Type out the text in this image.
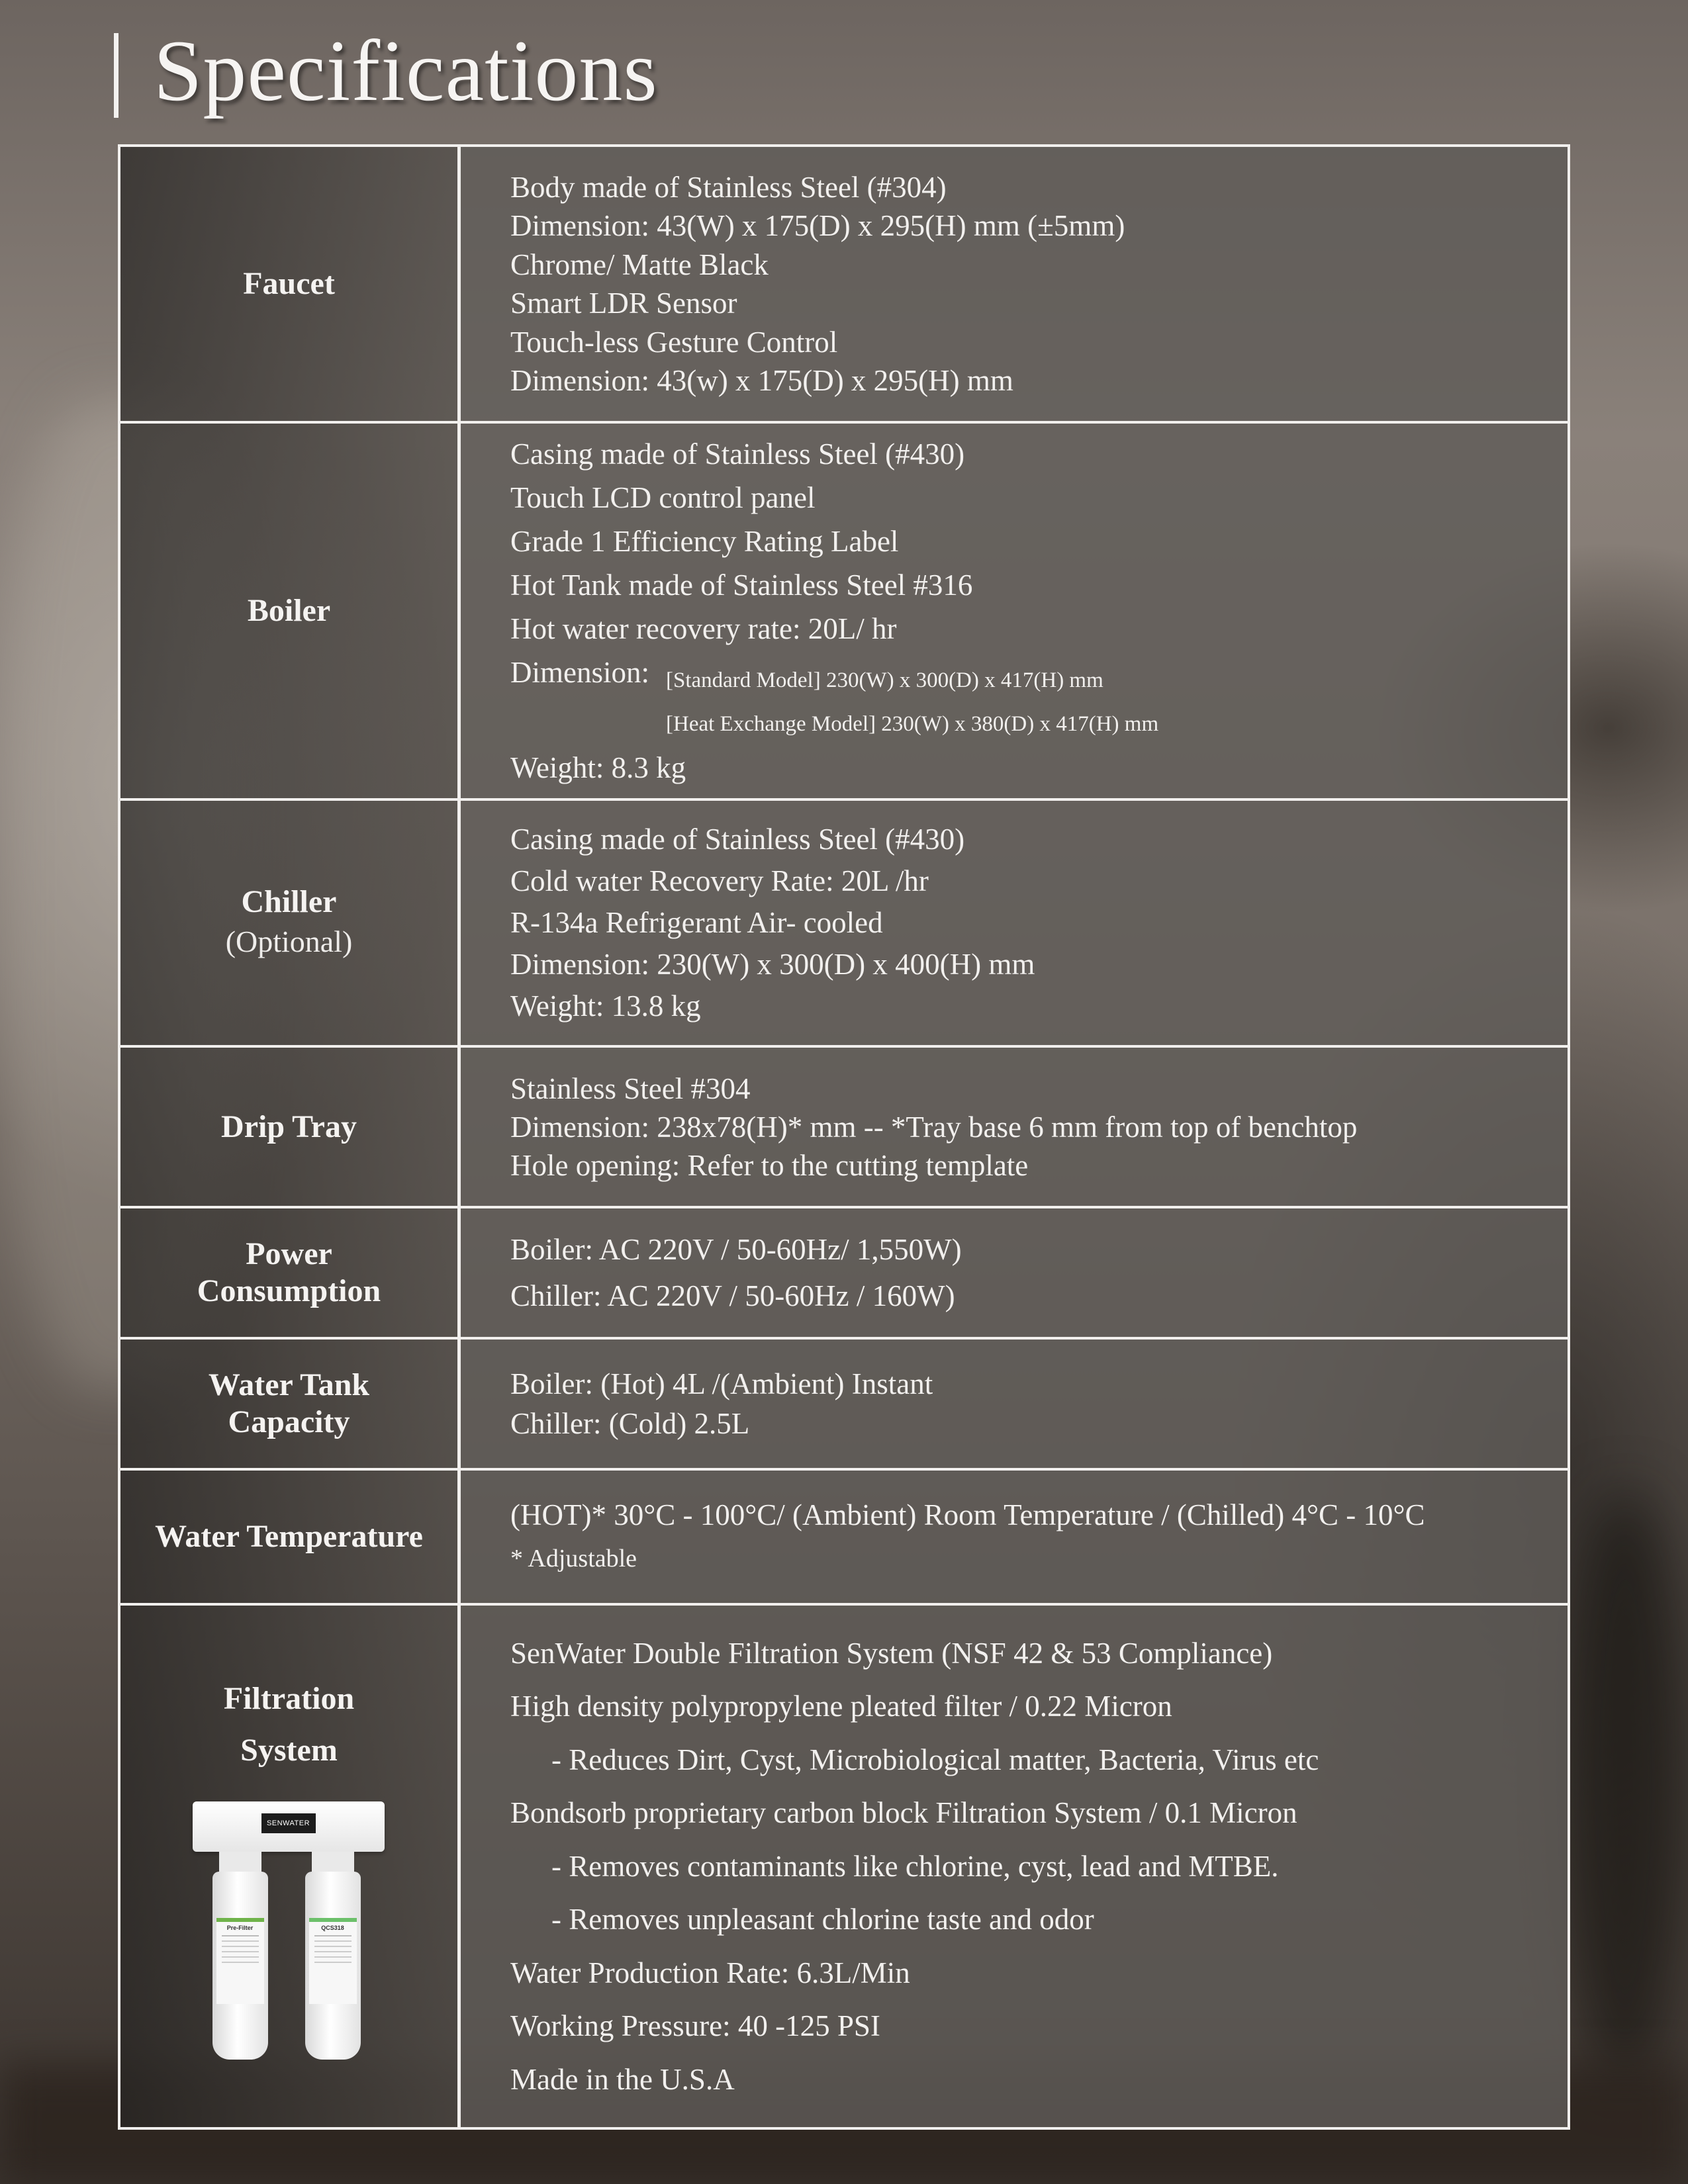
Specifications
Faucet
Body made of Stainless Steel (#304)
Dimension: 43(W) x 175(D) x 295(H) mm (±5mm)
Chrome/ Matte Black
Smart LDR Sensor
Touch-less Gesture Control
Dimension: 43(w) x 175(D) x 295(H) mm
Boiler
Casing made of Stainless Steel (#430)
Touch LCD control panel
Grade 1 Efficiency Rating Label
Hot Tank made of Stainless Steel #316
Hot water recovery rate: 20L/ hr
Dimension: [Standard Model] 230(W) x 300(D) x 417(H) mm
[Heat Exchange Model] 230(W) x 380(D) x 417(H) mm
Weight: 8.3 kg
Chiller
(Optional)
Casing made of Stainless Steel (#430)
Cold water Recovery Rate: 20L /hr
R-134a Refrigerant Air- cooled
Dimension: 230(W) x 300(D) x 400(H) mm
Weight: 13.8 kg
Drip Tray
Stainless Steel #304
Dimension: 238x78(H)* mm -- *Tray base 6 mm from top of benchtop
Hole opening: Refer to the cutting template
Power
Consumption
Boiler: AC 220V / 50-60Hz/ 1,550W)
Chiller: AC 220V / 50-60Hz / 160W)
Water Tank
Capacity
Boiler: (Hot) 4L /(Ambient) Instant
Chiller: (Cold) 2.5L
Water Temperature
(HOT)* 30°C - 100°C/ (Ambient) Room Temperature / (Chilled) 4°C - 10°C
* Adjustable
Filtration
System
SENWATER
Pre-Filter	QCS318
SenWater Double Filtration System (NSF 42 & 53 Compliance)
High density polypropylene pleated filter / 0.22 Micron
- Reduces Dirt, Cyst, Microbiological matter, Bacteria, Virus etc
Bondsorb proprietary carbon block Filtration System / 0.1 Micron
- Removes contaminants like chlorine, cyst, lead and MTBE.
- Removes unpleasant chlorine taste and odor
Water Production Rate: 6.3L/Min
Working Pressure: 40 -125 PSI
Made in the U.S.A
